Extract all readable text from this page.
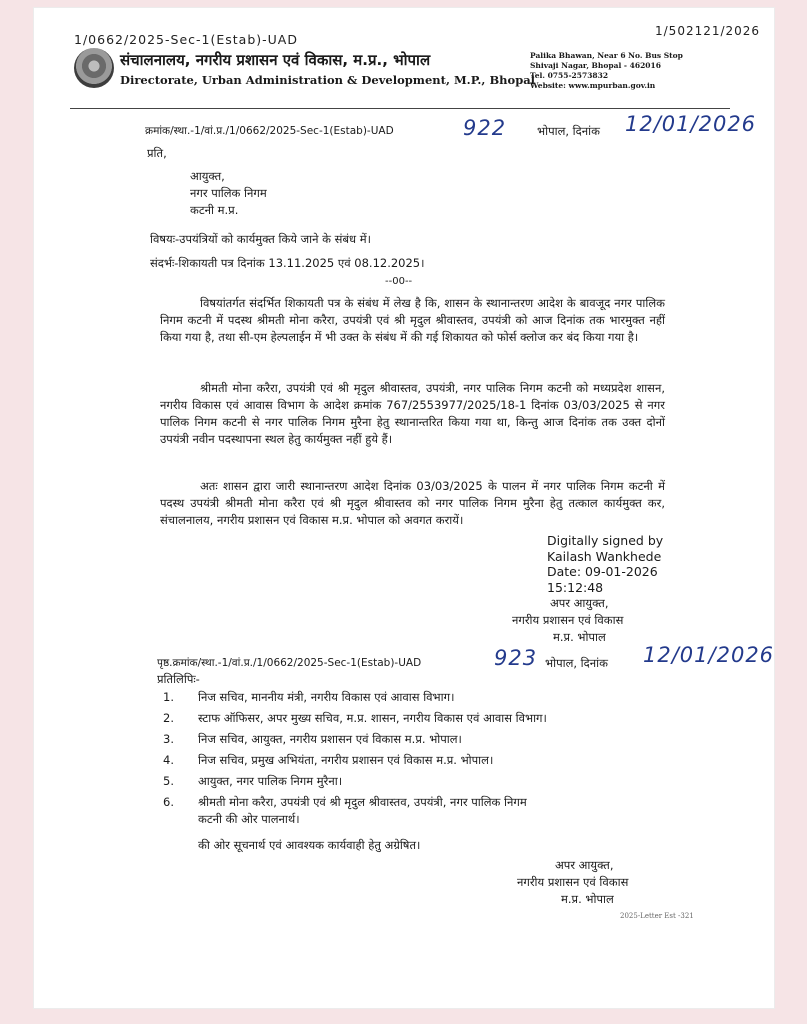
1/0662/2025-Sec-1(Estab)-UAD
1/502121/2026
संचालनालय, नगरीय प्रशासन एवं विकास, म.प्र., भोपाल
Directorate, Urban Administration & Development, M.P., Bhopal
Palika Bhawan, Near 6 No. Bus Stop
Shivaji Nagar, Bhopal - 462016
Tel. 0755-2573832
Website: www.mpurban.gov.in
क्रमांक/स्था.-1/वां.प्र./1/0662/2025-Sec-1(Estab)-UAD	922	भोपाल, दिनांक 12/01/2026
प्रति,
आयुक्त,
नगर पालिक निगम
कटनी म.प्र.
विषयः-उपयंत्रियों को कार्यमुक्त किये जाने के संबंध में।
संदर्भः-शिकायती पत्र दिनांक 13.11.2025 एवं 08.12.2025।
--00--
विषयांतर्गत संदर्भित शिकायती पत्र के संबंध में लेख है कि, शासन के स्थानान्तरण आदेश के बावजूद नगर पालिक निगम कटनी में पदस्थ श्रीमती मोना करैरा, उपयंत्री एवं श्री मृदुल श्रीवास्तव, उपयंत्री को आज दिनांक तक भारमुक्त नहीं किया गया है, तथा सी-एम हेल्पलाईन में भी उक्त के संबंध में की गई शिकायत को फोर्स क्लोज कर बंद किया गया है।
श्रीमती मोना करैरा, उपयंत्री एवं श्री मृदुल श्रीवास्तव, उपयंत्री, नगर पालिक निगम कटनी को मध्यप्रदेश शासन, नगरीय विकास एवं आवास विभाग के आदेश क्रमांक 767/2553977/2025/18-1 दिनांक 03/03/2025 से नगर पालिक निगम कटनी से नगर पालिक निगम मुरैना हेतु स्थानान्तरित किया गया था, किन्तु आज दिनांक तक उक्त दोनों उपयंत्री नवीन पदस्थापना स्थल हेतु कार्यमुक्त नहीं हुये हैं।
अतः शासन द्वारा जारी स्थानान्तरण आदेश दिनांक 03/03/2025 के पालन में नगर पालिक निगम कटनी में पदस्थ उपयंत्री श्रीमती मोना करैरा एवं श्री मृदुल श्रीवास्तव को नगर पालिक निगम मुरैना हेतु तत्काल कार्यमुक्त कर, संचालनालय, नगरीय प्रशासन एवं विकास म.प्र. भोपाल को अवगत करायें।
Digitally signed by
Kailash Wankhede
Date: 09-01-2026
15:12:48
अपर आयुक्त,
नगरीय प्रशासन एवं विकास
म.प्र. भोपाल
पृष्ठ.क्रमांक/स्था.-1/वां.प्र./1/0662/2025-Sec-1(Estab)-UAD	923 भोपाल, दिनांक 12/01/2026
प्रतिलिपिः-
1. निज सचिव, माननीय मंत्री, नगरीय विकास एवं आवास विभाग।
2. स्टाफ ऑफिसर, अपर मुख्य सचिव, म.प्र. शासन, नगरीय विकास एवं आवास विभाग।
3. निज सचिव, आयुक्त, नगरीय प्रशासन एवं विकास म.प्र. भोपाल।
4. निज सचिव, प्रमुख अभियंता, नगरीय प्रशासन एवं विकास म.प्र. भोपाल।
5. आयुक्त, नगर पालिक निगम मुरैना।
6. श्रीमती मोना करैरा, उपयंत्री एवं श्री मृदुल श्रीवास्तव, उपयंत्री, नगर पालिक निगम
कटनी की ओर पालनार्थ।
की ओर सूचनार्थ एवं आवश्यक कार्यवाही हेतु अग्रेषित।
अपर आयुक्त,
नगरीय प्रशासन एवं विकास
म.प्र. भोपाल
2025-Letter Est -321
